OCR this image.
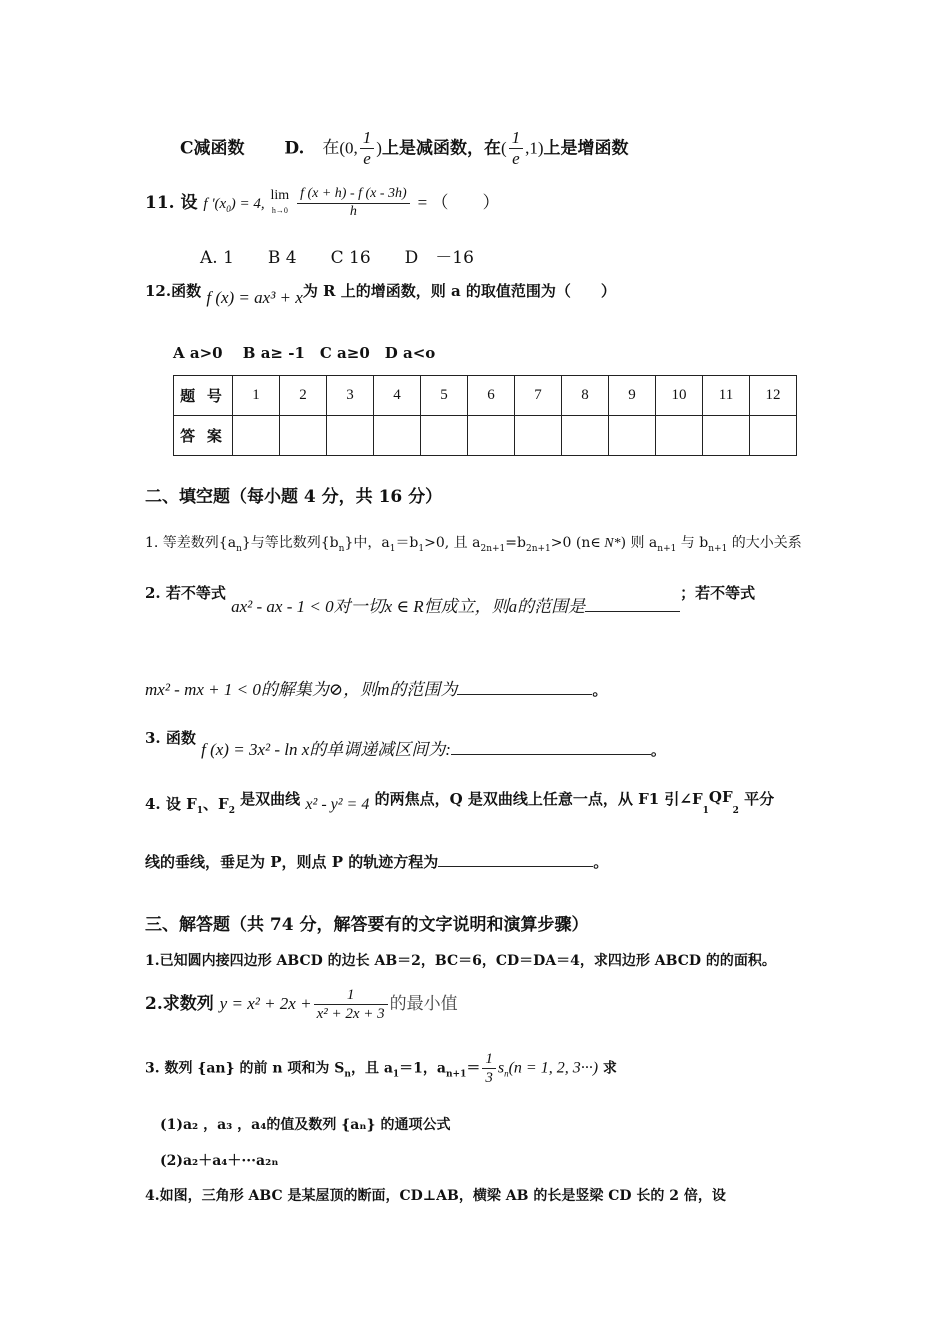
C减函数 D. 在(0, $\frac{1}{e}$ )上是减函数，在( $\frac{1}{e} ,1$)上是增函数
11. 设 f '$(x_0) = 4$, lim
$h\to 0 \frac{f (x + h) - f (x - 3h)}{h}$ = （　　）
A. 1　　B 4　　C 16　　D　－16
12.函数 f (x) = ax³ + x为 R 上的增函数，则 a 的取值范围为（　　）
A a>0　 B a≥ -1　C a≥0　D a<o
题 号	1	2	3	4	5	6	7	8	9	10	11	12
答 案												
二、填空题（每小题 4 分，共 16 分）
1. 等差数列$\{a_n\}$与等比数列$\{b_n\}$中，$a_1=b_1>0$, 且 $a_{2n+1}=b_{2n+1}>0$ (n∈ N*) 则 $a_{n+1}$ 与 $b_{n+1}$ 的大小关系
2. 若不等式 ax² - ax - 1 < 0对一切x ∈ R恒成立，则a的范围是；若不等式
mx² - mx + 1 < 0的解集为⊘，则m的范围为	。
3. 函数 f (x) = 3x² - ln x的单调递减区间为:	。
4. 设 $F_1$、$F_2$ 是双曲线 x² - y² = 4 的两焦点，Q 是双曲线上任意一点，从 F1 引$\angle F_1QF_2$ 平分
线的垂线，垂足为 P，则点 P 的轨迹方程为	。
三、解答题（共 74 分，解答要有的文字说明和演算步骤）
1.已知圆内接四边形 ABCD 的边长 AB＝2，BC＝6，CD＝DA＝4，求四边形 ABCD 的的面积。
2.求数列 $y = x^2 + 2x + \frac{1}{\text{x² + 2x + 3}}$ 的最小值
3. 数列 {an} 的前 n 项和为 $S_n$，且 $a_1=1$，$a_{n+1}= \frac{1}{3} s_n(n = 1$, 2, 3···) 求
(1)a₂ ，a₃ ，a₄的值及数列 {aₙ} 的通项公式
(2)a₂＋a₄＋···a₂ₙ
4.如图，三角形 ABC 是某屋顶的断面，CD⊥AB，横梁 AB 的长是竖梁 CD 长的 2 倍，设
